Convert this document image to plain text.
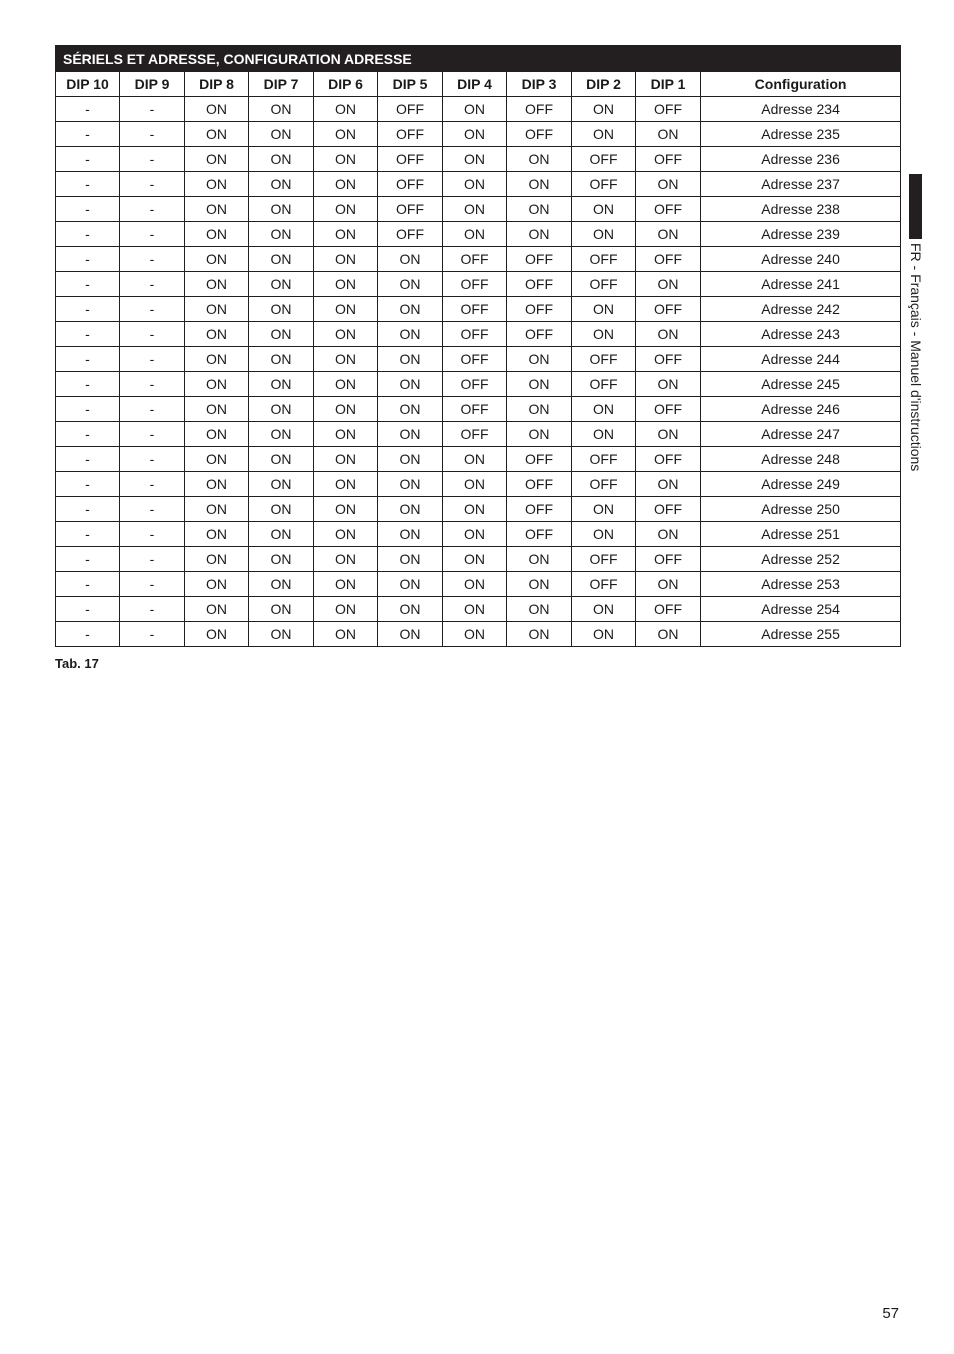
SÉRIELS ET ADRESSE, CONFIGURATION ADRESSE										
DIP 10	DIP 9	DIP 8	DIP 7	DIP 6	DIP 5	DIP 4	DIP 3	DIP 2	DIP 1	Configuration
-	-	ON	ON	ON	OFF	ON	OFF	ON	OFF	Adresse 234
-	-	ON	ON	ON	OFF	ON	OFF	ON	ON	Adresse 235
-	-	ON	ON	ON	OFF	ON	ON	OFF	OFF	Adresse 236
-	-	ON	ON	ON	OFF	ON	ON	OFF	ON	Adresse 237
-	-	ON	ON	ON	OFF	ON	ON	ON	OFF	Adresse 238
-	-	ON	ON	ON	OFF	ON	ON	ON	ON	Adresse 239
-	-	ON	ON	ON	ON	OFF	OFF	OFF	OFF	Adresse 240
-	-	ON	ON	ON	ON	OFF	OFF	OFF	ON	Adresse 241
-	-	ON	ON	ON	ON	OFF	OFF	ON	OFF	Adresse 242
-	-	ON	ON	ON	ON	OFF	OFF	ON	ON	Adresse 243
-	-	ON	ON	ON	ON	OFF	ON	OFF	OFF	Adresse 244
-	-	ON	ON	ON	ON	OFF	ON	OFF	ON	Adresse 245
-	-	ON	ON	ON	ON	OFF	ON	ON	OFF	Adresse 246
-	-	ON	ON	ON	ON	OFF	ON	ON	ON	Adresse 247
-	-	ON	ON	ON	ON	ON	OFF	OFF	OFF	Adresse 248
-	-	ON	ON	ON	ON	ON	OFF	OFF	ON	Adresse 249
-	-	ON	ON	ON	ON	ON	OFF	ON	OFF	Adresse 250
-	-	ON	ON	ON	ON	ON	OFF	ON	ON	Adresse 251
-	-	ON	ON	ON	ON	ON	ON	OFF	OFF	Adresse 252
-	-	ON	ON	ON	ON	ON	ON	OFF	ON	Adresse 253
-	-	ON	ON	ON	ON	ON	ON	ON	OFF	Adresse 254
-	-	ON	ON	ON	ON	ON	ON	ON	ON	Adresse 255
Tab. 17
FR - Français - Manuel d'instructions
57
